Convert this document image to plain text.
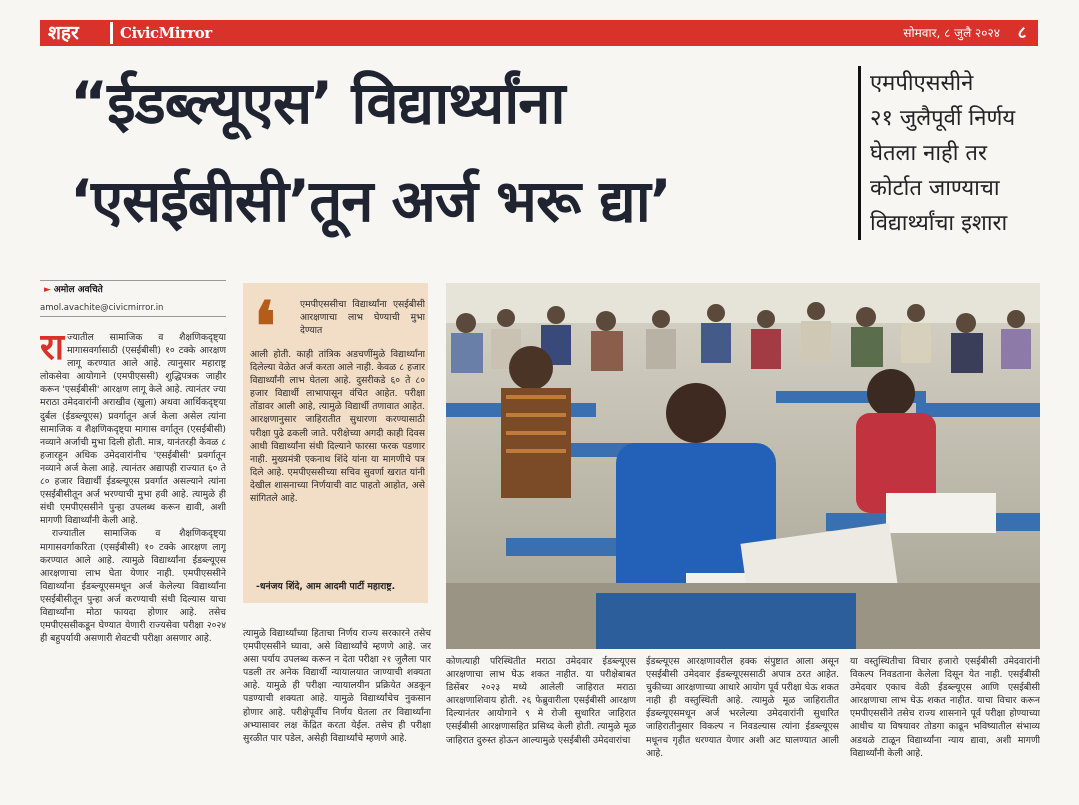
शहर	CivicMirror	सोमवार, ८ जुलै २०२४	८
“ईडब्ल्यूएस’ विद्यार्थ्यांना
‘एसईबीसी’तून अर्ज भरू द्या’
एमपीएससीने
२१ जुलैपूर्वी निर्णय
घेतला नाही तर
कोर्टात जाण्याचा
विद्यार्थ्यांचा इशारा
► अमोल अवचिते
amol.avachite@civicmirror.in
राज्यातील सामाजिक व शैक्षणिकदृष्ट्या मागासवर्गासाठी (एसईबीसी) १० टक्के आरक्षण लागू करण्यात आले आहे. त्यानुसार महाराष्ट्र लोकसेवा आयोगाने (एमपीएससी) शुद्धिपत्रक जाहीर करून 'एसईबीसी' आरक्षण लागू केले आहे. त्यानंतर ज्या मराठा उमेदवारांनी अराखीव (खुला) अथवा आर्थिकदृष्ट्या दुर्बल (ईडब्ल्यूएस) प्रवर्गातून अर्ज केला असेल त्यांना सामाजिक व शैक्षणिकदृष्ट्या मागास वर्गातून (एसईबीसी) नव्याने अर्जाची मुभा दिली होती. मात्र, यानंतरही केवळ ८ हजारहून अधिक उमेदवारांनीच 'एसईबीसी' प्रवर्गातून नव्याने अर्ज केला आहे. त्यानंतर अद्यापही राज्यात ६० ते ८० हजार विद्यार्थी ईडब्ल्यूएस प्रवर्गात असल्याने त्यांना एसईबीसीतून अर्ज भरण्याची मुभा हवी आहे. त्यामुळे ही संधी एमपीएससीने पुन्हा उपलब्ध करून द्यावी, अशी मागणी विद्यार्थ्यांनी केली आहे.
राज्यातील सामाजिक व शैक्षणिकदृष्ट्या मागासवर्गाकरिता (एसईबीसी) १० टक्के आरक्षण लागू करण्यात आले आहे. त्यामुळे विद्यार्थ्यांना ईडब्ल्यूएस आरक्षणाचा लाभ घेता येणार नाही. एमपीएससीने विद्यार्थ्यांना ईडब्ल्यूएसमधून अर्ज केलेल्या विद्यार्थ्यांना एसईबीसीतून पुन्हा अर्ज करण्याची संधी दिल्यास याचा विद्यार्थ्यांना मोठा फायदा होणार आहे. तसेच एमपीएससीकडून घेण्यात येणारी राज्यसेवा परीक्षा २०२४ ही बहुपर्यायी असणारी शेवटची परीक्षा असणार आहे.
❛	एमपीएससीचा विद्यार्थ्यांना एसईबीसी आरक्षणाचा लाभ घेण्याची मुभा देण्यात
आली होती. काही तांत्रिक अडचणींमुळे विद्यार्थ्यांना दिलेल्या वेळेत अर्ज करता आले नाही. केवळ ८ हजार विद्यार्थ्यांनी लाभ घेतला आहे. दुसरीकडे ६० ते ८० हजार विद्यार्थी लाभापासून वंचित आहेत. परीक्षा तोंडावर आली आहे, त्यामुळे विद्यार्थी तणावात आहेत. आरक्षणानुसार जाहिरातीत सुधारणा करण्यासाठी परीक्षा पुढे ढकली जाते. परीक्षेच्या अगदी काही दिवस आधी विद्यार्थ्यांना संधी दिल्याने फारसा फरक पडणार नाही. मुख्यमंत्री एकनाथ शिंदे यांना या मागणीचे पत्र दिले आहे. एमपीएससीच्या सचिव सुवर्णा खरात यांनी देखील शासनाच्या निर्णयाची वाट पाहतो आहोत, असे सांगितले आहे.
-धनंजय शिंदे, आम आदमी पार्टी महाराष्ट्र.
त्यामुळे विद्यार्थ्यांच्या हिताचा निर्णय राज्य सरकारने तसेच एमपीएससीने घ्यावा, असे विद्यार्थ्यांचे म्हणणे आहे. जर असा पर्याय उपलब्ध करून न देता परीक्षा २१ जुलैला पार पडली तर अनेक विद्यार्थी न्यायालयात जाण्याची शक्यता आहे. यामुळे ही परीक्षा न्यायालयीन प्रक्रियेत अडकून पडण्याची शक्यता आहे. यामुळे विद्यार्थ्यांचेच नुकसान होणार आहे. परीक्षेपूर्वीच निर्णय घेतला तर विद्यार्थ्यांना अभ्यासावर लक्ष केंद्रित करता येईल. तसेच ही परीक्षा सुरळीत पार पडेल, असेही विद्यार्थ्यांचे म्हणणे आहे.
कोणत्याही परिस्थितीत मराठा उमेदवार ईडब्ल्यूएस आरक्षणाचा लाभ घेऊ शकत नाहीत. या परीक्षेबाबत डिसेंबर २०२३ मध्ये आलेली जाहिरात मराठा आरक्षणाशिवाय होती. २६ फेब्रुवारीला एसईबीसी आरक्षण दिल्यानंतर आयोगाने ९ मे रोजी सुधारित जाहिरात एसईबीसी आरक्षणासहित प्रसिध्द केली होती. त्यामुळे मूळ जाहिरात दुरुस्त होऊन आल्यामुळे एसईबीसी उमेदवारांचा
ईडब्ल्यूएस आरक्षणावरील हक्क संपुष्टात आला असून एसईबीसी उमेदवार ईडब्ल्यूएससाठी अपात्र ठरत आहेत. चुकीच्या आरक्षणाच्या आधारे आयोग पूर्व परीक्षा घेऊ शकत नाही ही वस्तुस्थिती आहे. त्यामुळे मूळ जाहिरातीत ईडब्ल्यूएसमधून अर्ज भरलेल्या उमेदवारांनी सुधारित जाहिरातीनुसार विकल्प न निवडल्यास त्यांना ईडब्ल्यूएस मधूनच गृहीत धरण्यात येणार अशी अट घालण्यात आली आहे.
या वस्तुस्थितीचा विचार हजारो एसईबीसी उमेदवारांनी विकल्प निवडताना केलेला दिसून येत नाही. एसईबीसी उमेदवार एकाच वेळी ईडब्ल्यूएस आणि एसईबीसी आरक्षणाचा लाभ घेऊ शकत नाहीत. याचा विचार करून एमपीएससीने तसेच राज्य शासनाने पूर्व परीक्षा होण्याच्या आधीच या विषयावर तोडगा काढून भविष्यातील संभाव्य अडथळे टाळून विद्यार्थ्यांना न्याय द्यावा, अशी मागणी विद्यार्थ्यांनी केली आहे.
